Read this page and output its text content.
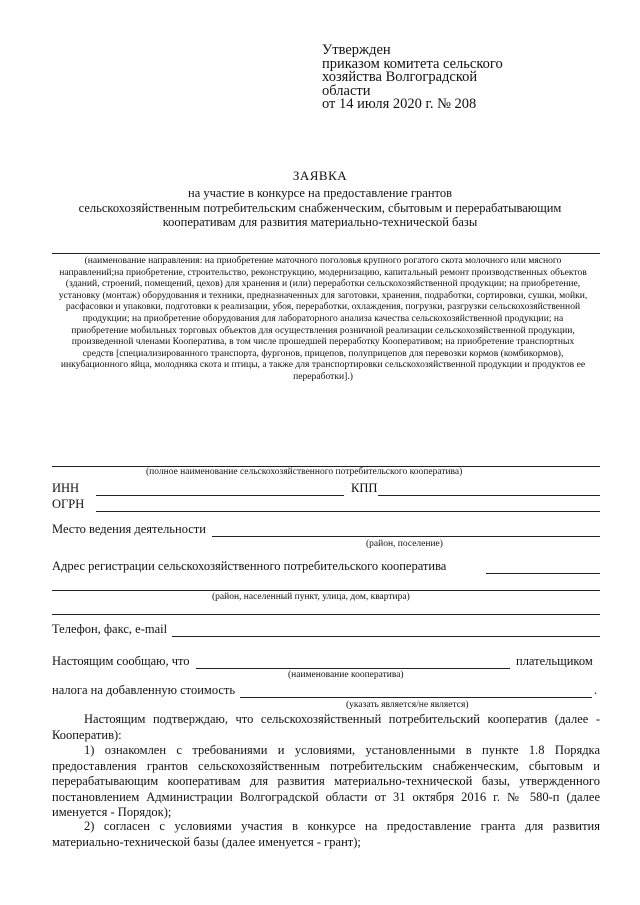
Утвержден
приказом комитета сельского
хозяйства Волгоградской
области
от 14 июля 2020 г. № 208
ЗАЯВКА
на участие в конкурсе на предоставление грантов
сельскохозяйственным потребительским снабженческим, сбытовым и перерабатывающим
кооперативам для развития материально-технической базы
(наименование направления: на приобретение маточного поголовья крупного рогатого скота молочного или мясного направлений;на приобретение, строительство, реконструкцию, модернизацию, капитальный ремонт производственных объектов (зданий, строений, помещений, цехов) для хранения и (или) переработки сельскохозяйственной продукции; на приобретение, установку (монтаж) оборудования и техники, предназначенных для заготовки, хранения, подработки, сортировки, сушки, мойки, расфасовки и упаковки, подготовки к реализации, убоя, переработки, охлаждения, погрузки, разгрузки сельскохозяйственной продукции; на приобретение оборудования для лабораторного анализа качества сельскохозяйственной продукции; на приобретение мобильных торговых объектов для осуществления розничной реализации сельскохозяйственной продукции, произведенной членами Кооператива, в том числе прошедшей переработку Кооперативом; на приобретение транспортных средств [специализированного транспорта, фургонов, прицепов, полуприцепов для перевозки кормов (комбикормов), инкубационного яйца, молодняка скота и птицы, а также для транспортировки сельскохозяйственной продукции и продуктов ее переработки].)
(полное наименование сельскохозяйственного потребительского кооператива)
ИНН	КПП
ОГРН
Место ведения деятельности
(район, поселение)
Адрес регистрации сельскохозяйственного потребительского кооператива
(район, населенный пункт, улица, дом, квартира)
Телефон, факс, e-mail
Настоящим сообщаю, что	плательщиком
(наименование кооператива)
налога на добавленную стоимость	.
(указать является/не является)
Настоящим подтверждаю, что сельскохозяйственный потребительский кооператив (далее - Кооператив):
1) ознакомлен с требованиями и условиями, установленными в пункте 1.8 Порядка предоставления грантов сельскохозяйственным потребительским снабженческим, сбытовым и перерабатывающим кооперативам для развития материально-технической базы, утвержденного постановлением Администрации Волгоградской области от 31 октября 2016 г. № 580-п (далее именуется - Порядок);
2) согласен с условиями участия в конкурсе на предоставление гранта для развития материально-технической базы (далее именуется - грант);
